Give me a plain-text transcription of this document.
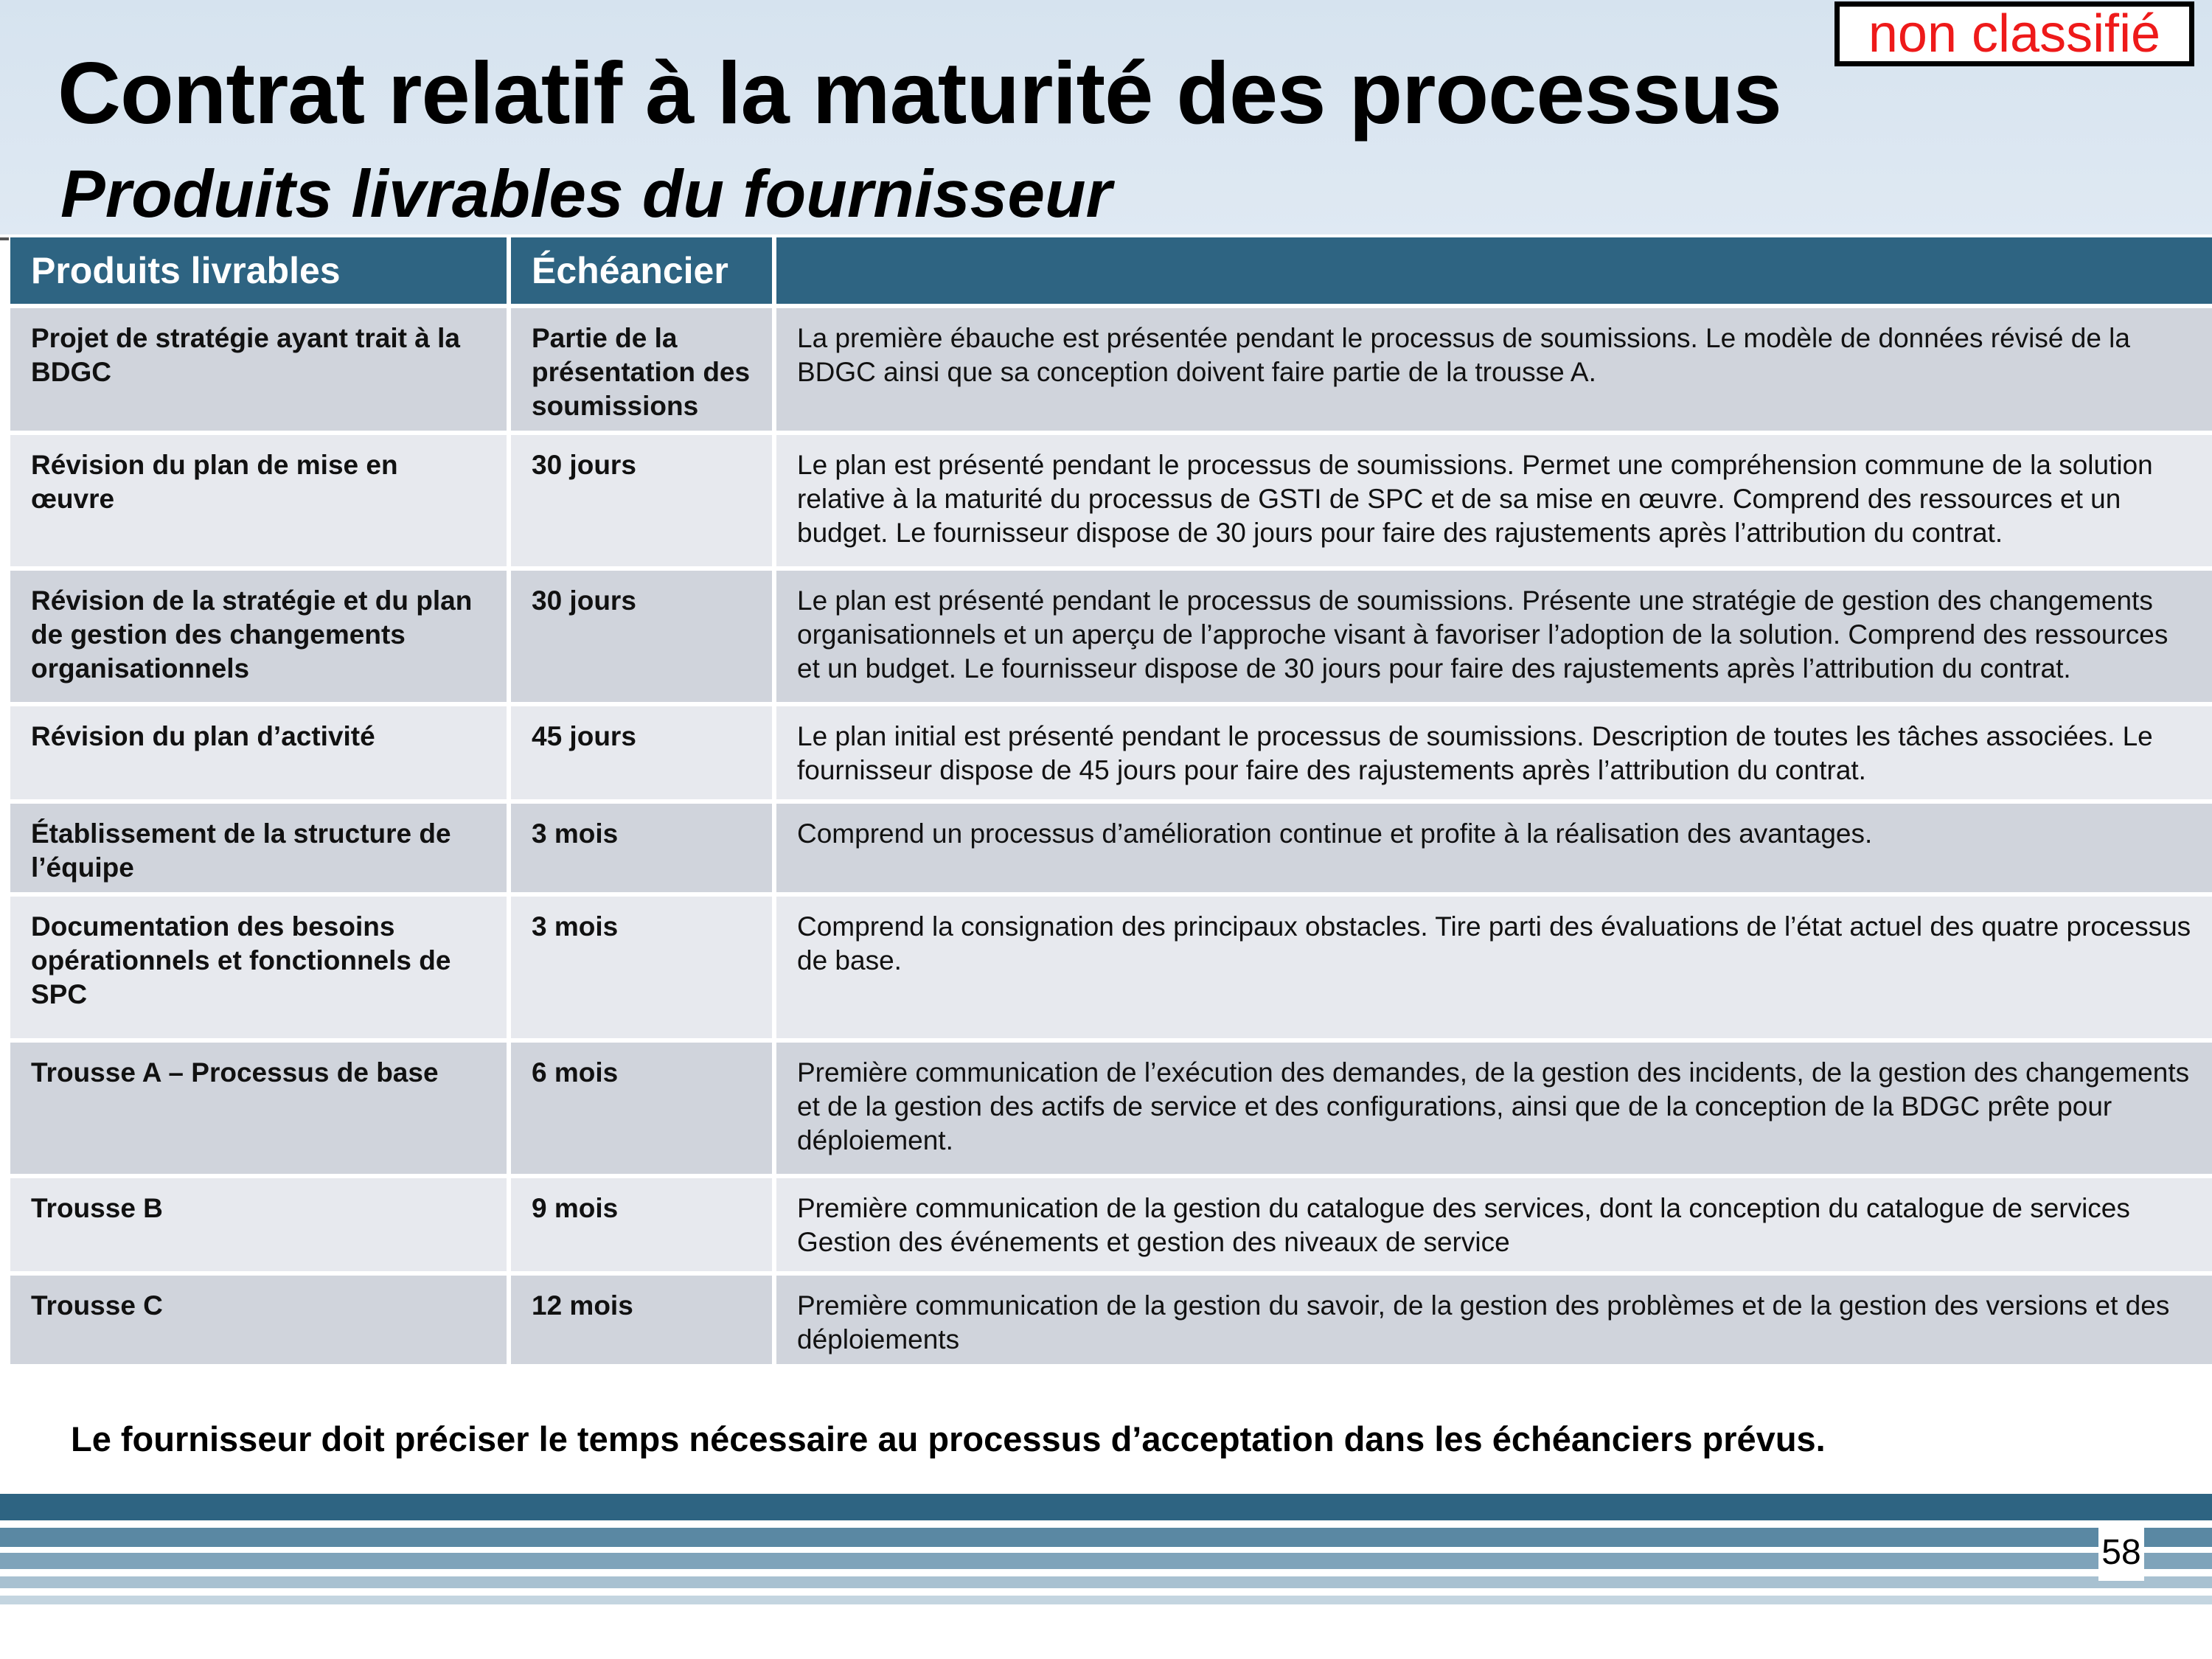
Contrat relatif à la maturité des processus
Produits livrables du fournisseur
non classifié
Produits livrables	Échéancier	
Projet de stratégie ayant trait à la BDGC	Partie de la présentation des soumissions	La première ébauche est présentée pendant le processus de soumissions. Le modèle de données révisé de la BDGC ainsi que sa conception doivent faire partie de la trousse A.
Révision du plan de mise en œuvre	30 jours	Le plan est présenté pendant le processus de soumissions. Permet une compréhension commune de la solution relative à la maturité du processus de GSTI de SPC et de sa mise en œuvre. Comprend des ressources et un budget. Le fournisseur dispose de 30 jours pour faire des rajustements après l’attribution du contrat.
Révision de la stratégie et du plan de gestion des changements organisationnels	30 jours	Le plan est présenté pendant le processus de soumissions. Présente une stratégie de gestion des changements organisationnels et un aperçu de l’approche visant à favoriser l’adoption de la solution. Comprend des ressources et un budget. Le fournisseur dispose de 30 jours pour faire des rajustements après l’attribution du contrat.
Révision du plan d’activité	45 jours	Le plan initial est présenté pendant le processus de soumissions. Description de toutes les tâches associées. Le fournisseur dispose de 45 jours pour faire des rajustements après l’attribution du contrat.
Établissement de la structure de l’équipe	3 mois	Comprend un processus d’amélioration continue et profite à la réalisation des avantages.
Documentation des besoins opérationnels et fonctionnels de SPC	3 mois	Comprend la consignation des principaux obstacles. Tire parti des évaluations de l’état actuel des quatre processus de base.
Trousse A – Processus de base	6 mois	Première communication de l’exécution des demandes, de la gestion des incidents, de la gestion des changements et de la gestion des actifs de service et des configurations, ainsi que de la conception de la BDGC prête pour déploiement.
Trousse B	9 mois	Première communication de la gestion du catalogue des services, dont la conception du catalogue de services Gestion des événements et gestion des niveaux de service
Trousse C	12 mois	Première communication de la gestion du savoir, de la gestion des problèmes et de la gestion des versions et des déploiements

Le fournisseur doit préciser le temps nécessaire au processus d’acceptation dans les échéanciers prévus.

58
